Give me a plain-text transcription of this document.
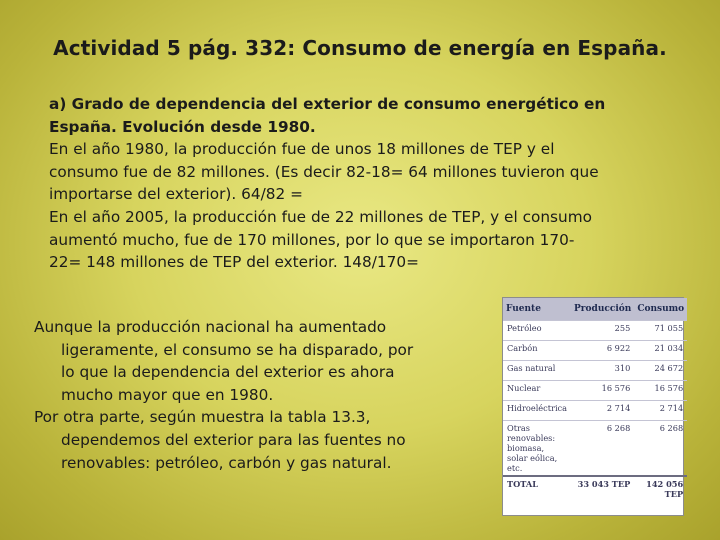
Actividad 5 pág. 332: Consumo de energía en España.

a) Grado de dependencia del exterior de consumo energético en
España. Evolución desde 1980.

En el año 1980, la producción fue de unos 18 millones de TEP y el
consumo fue de 82 millones. (Es decir 82-18= 64 millones tuvieron que
importarse del exterior). 64/82 =

En el año 2005, la producción fue de 22 millones de TEP, y el consumo
aumentó mucho, fue de 170 millones, por lo que se importaron 170-
22= 148 millones de TEP del exterior. 148/170=

Aunque la producción nacional ha aumentado
ligeramente, el consumo se ha disparado, por
lo que la dependencia del exterior es ahora
mucho mayor que en 1980.

Por otra parte, según muestra la tabla 13.3,
dependemos del exterior para las fuentes no
renovables: petróleo, carbón y gas natural.

Fuente	Producción	Consumo
Petróleo	255	71 055
Carbón	6 922	21 034
Gas natural	310	24 672
Nuclear	16 576	16 576
Hidroeléctrica	2 714	2 714
Otras renovables: biomasa, solar eólica, etc.	6 268	6 268
TOTAL	33 043 TEP	142 056 TEP
